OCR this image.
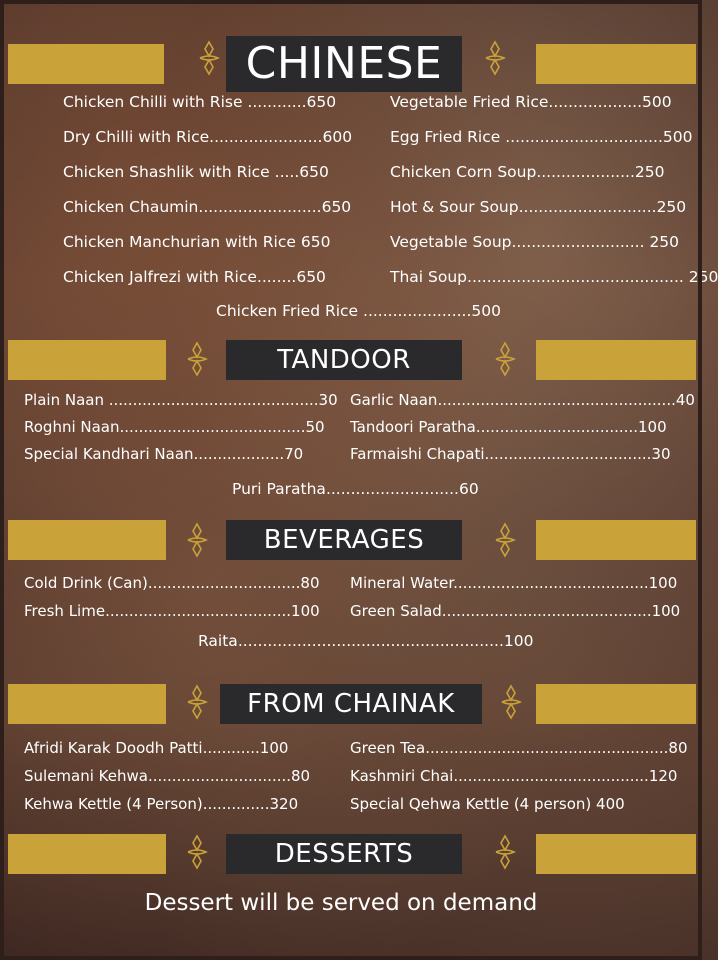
CHINESE
Chicken Chilli with Rise ............650
Dry Chilli with Rice.......................600
Chicken Shashlik with Rice .....650
Chicken Chaumin.........................650
Chicken Manchurian with Rice 650
Chicken Jalfrezi with Rice........650
Vegetable Fried Rice...................500
Egg Fried Rice ................................500
Chicken Corn Soup....................250
Hot & Sour Soup............................250
Vegetable Soup........................... 250
Thai Soup............................................ 250
Chicken Fried Rice ......................500
TANDOOR
Plain Naan ............................................30
Roghni Naan.......................................50
Special Kandhari Naan...................70
Garlic Naan..................................................40
Tandoori Paratha..................................100
Farmaishi Chapati...................................30
Puri Paratha...........................60
BEVERAGES
Cold Drink (Can)................................80
Fresh Lime.......................................100
Mineral Water.........................................100
Green Salad............................................100
Raita......................................................100
FROM CHAINAK
Afridi Karak Doodh Patti............100
Sulemani Kehwa..............................80
Kehwa Kettle (4 Person)..............320
Green Tea...................................................80
Kashmiri Chai.........................................120
Special Qehwa Kettle (4 person) 400
DESSERTS
Dessert will be served on demand
